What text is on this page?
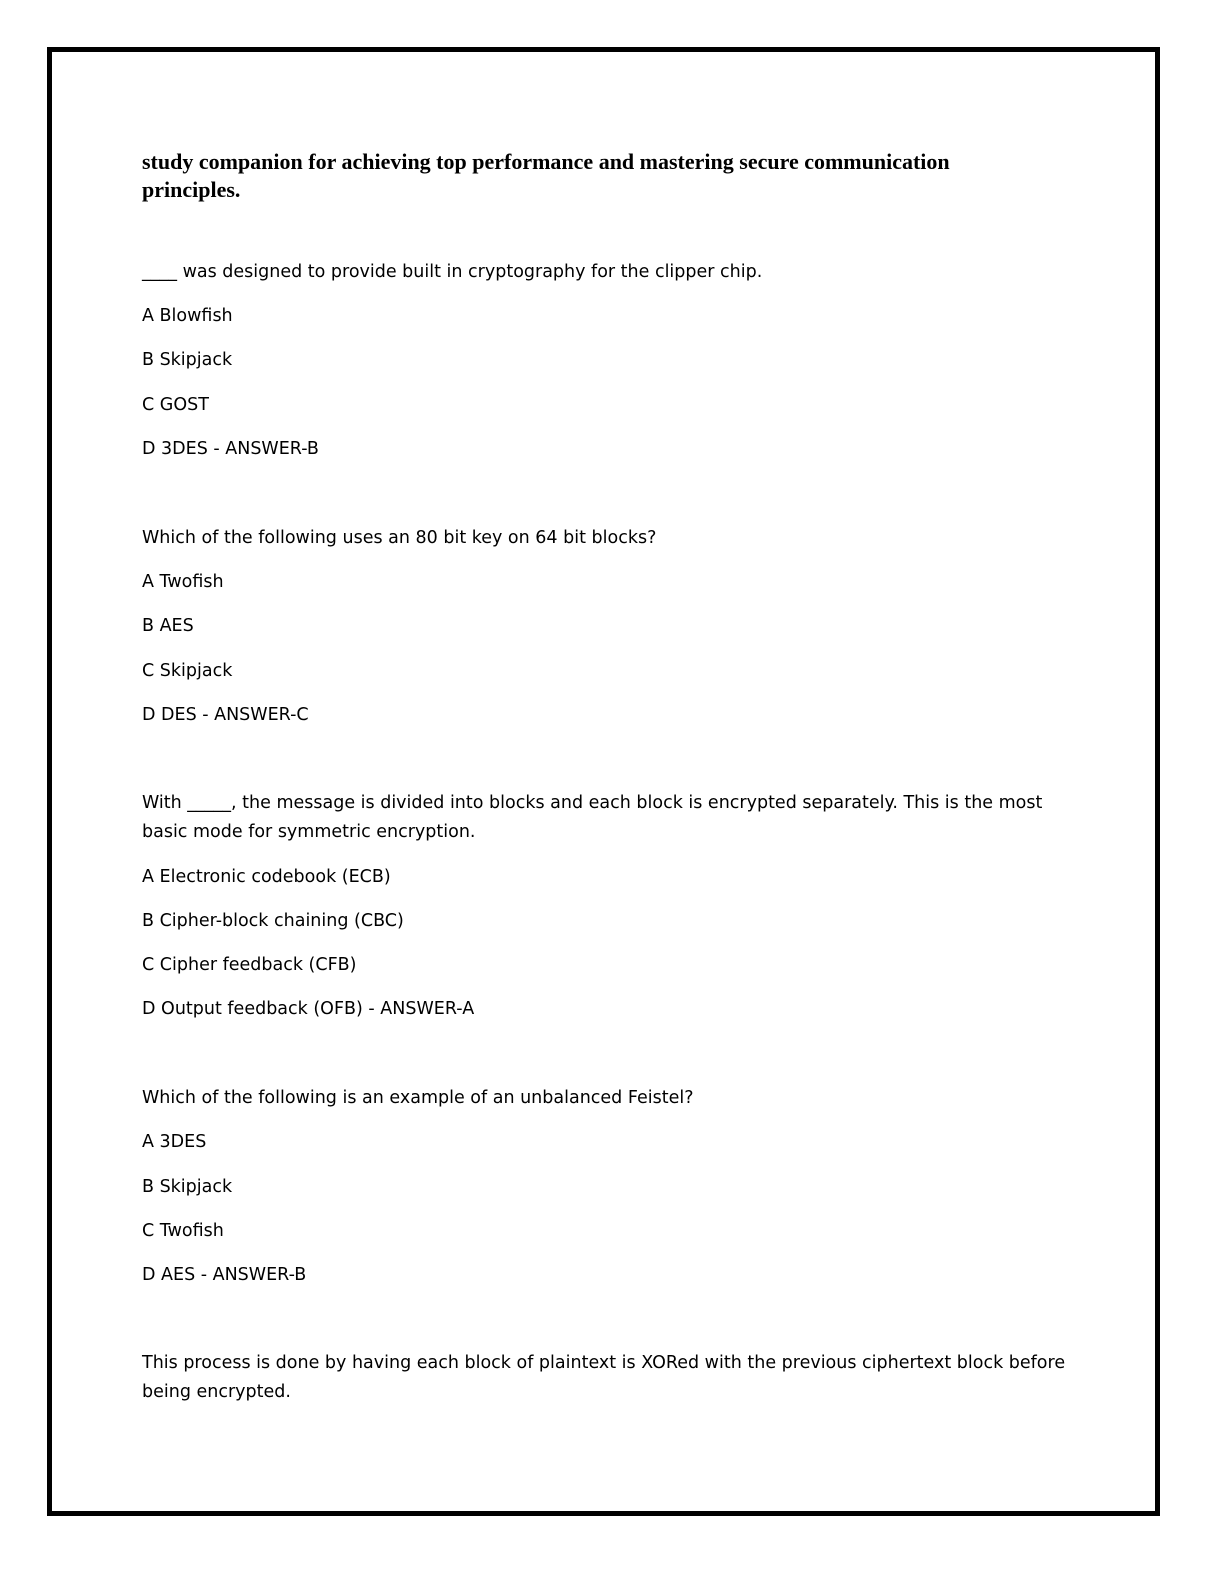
study companion for achieving top performance and mastering secure communication principles.

____ was designed to provide built in cryptography for the clipper chip.

A Blowfish

B Skipjack

C GOST

D 3DES - ANSWER-B

Which of the following uses an 80 bit key on 64 bit blocks?

A Twofish

B AES

C Skipjack

D DES - ANSWER-C

With _____, the message is divided into blocks and each block is encrypted separately. This is the most basic mode for symmetric encryption.

A Electronic codebook (ECB)

B Cipher-block chaining (CBC)

C Cipher feedback (CFB)

D Output feedback (OFB) - ANSWER-A

Which of the following is an example of an unbalanced Feistel?

A 3DES

B Skipjack

C Twofish

D AES - ANSWER-B

This process is done by having each block of plaintext is XORed with the previous ciphertext block before being encrypted.
